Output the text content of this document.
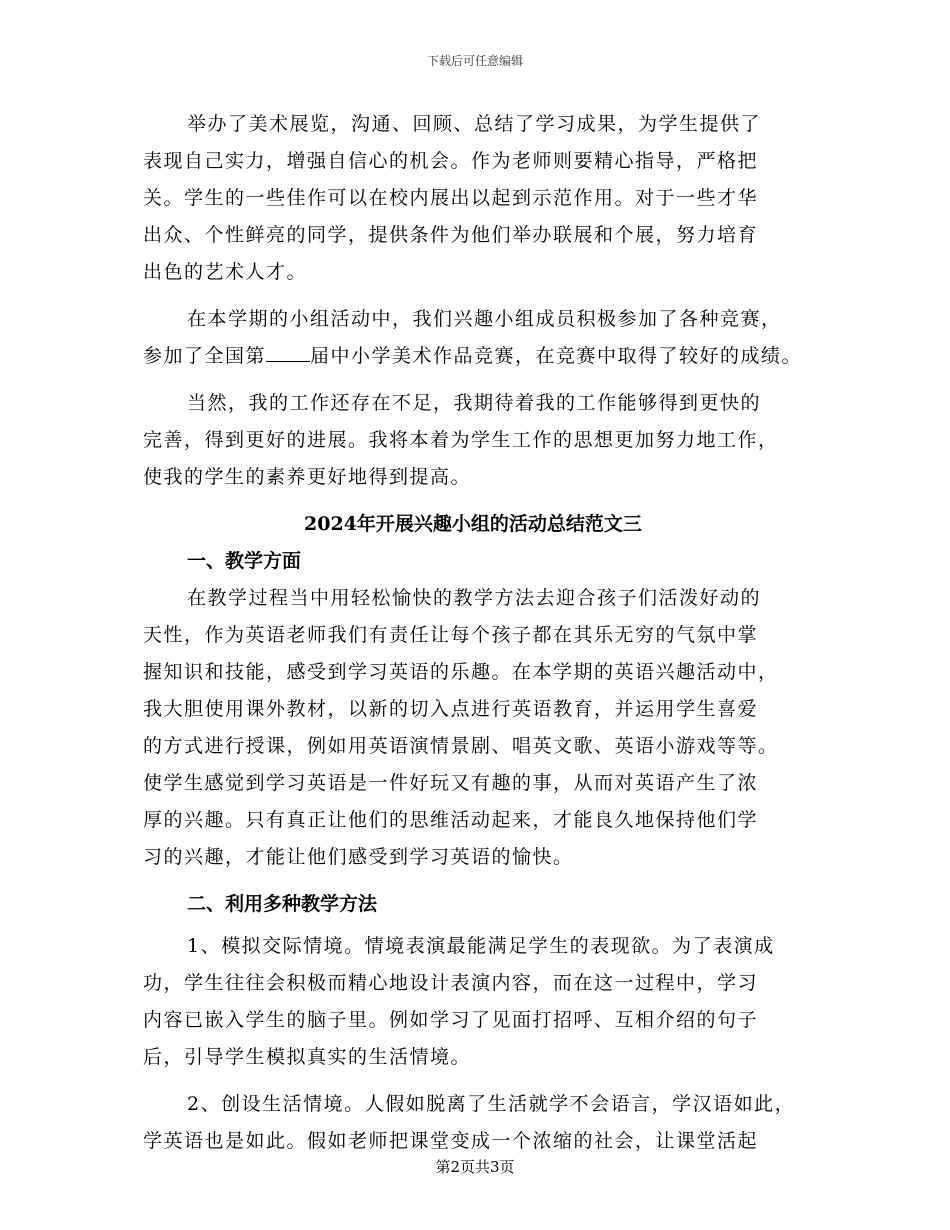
下载后可任意编辑
举办了美术展览，沟通、回顾、总结了学习成果，为学生提供了
表现自己实力，增强自信心的机会。作为老师则要精心指导，严格把
关。学生的一些佳作可以在校内展出以起到示范作用。对于一些才华
出众、个性鲜亮的同学，提供条件为他们举办联展和个展，努力培育
出色的艺术人才。
在本学期的小组活动中，我们兴趣小组成员积极参加了各种竞赛，
参加了全国第 届中小学美术作品竞赛，在竞赛中取得了较好的成绩。
当然，我的工作还存在不足，我期待着我的工作能够得到更快的
完善，得到更好的进展。我将本着为学生工作的思想更加努力地工作，
使我的学生的素养更好地得到提高。
2024年开展兴趣小组的活动总结范文三
一、教学方面
在教学过程当中用轻松愉快的教学方法去迎合孩子们活泼好动的
天性，作为英语老师我们有责任让每个孩子都在其乐无穷的气氛中掌
握知识和技能，感受到学习英语的乐趣。在本学期的英语兴趣活动中，
我大胆使用课外教材，以新的切入点进行英语教育，并运用学生喜爱
的方式进行授课，例如用英语演情景剧、唱英文歌、英语小游戏等等。
使学生感觉到学习英语是一件好玩又有趣的事，从而对英语产生了浓
厚的兴趣。只有真正让他们的思维活动起来，才能良久地保持他们学
习的兴趣，才能让他们感受到学习英语的愉快。
二、利用多种教学方法
1、模拟交际情境。情境表演最能满足学生的表现欲。为了表演成
功，学生往往会积极而精心地设计表演内容，而在这一过程中，学习
内容已嵌入学生的脑子里。例如学习了见面打招呼、互相介绍的句子
后，引导学生模拟真实的生活情境。
2、创设生活情境。人假如脱离了生活就学不会语言，学汉语如此，
学英语也是如此。假如老师把课堂变成一个浓缩的社会，让课堂活起
第2页共3页
